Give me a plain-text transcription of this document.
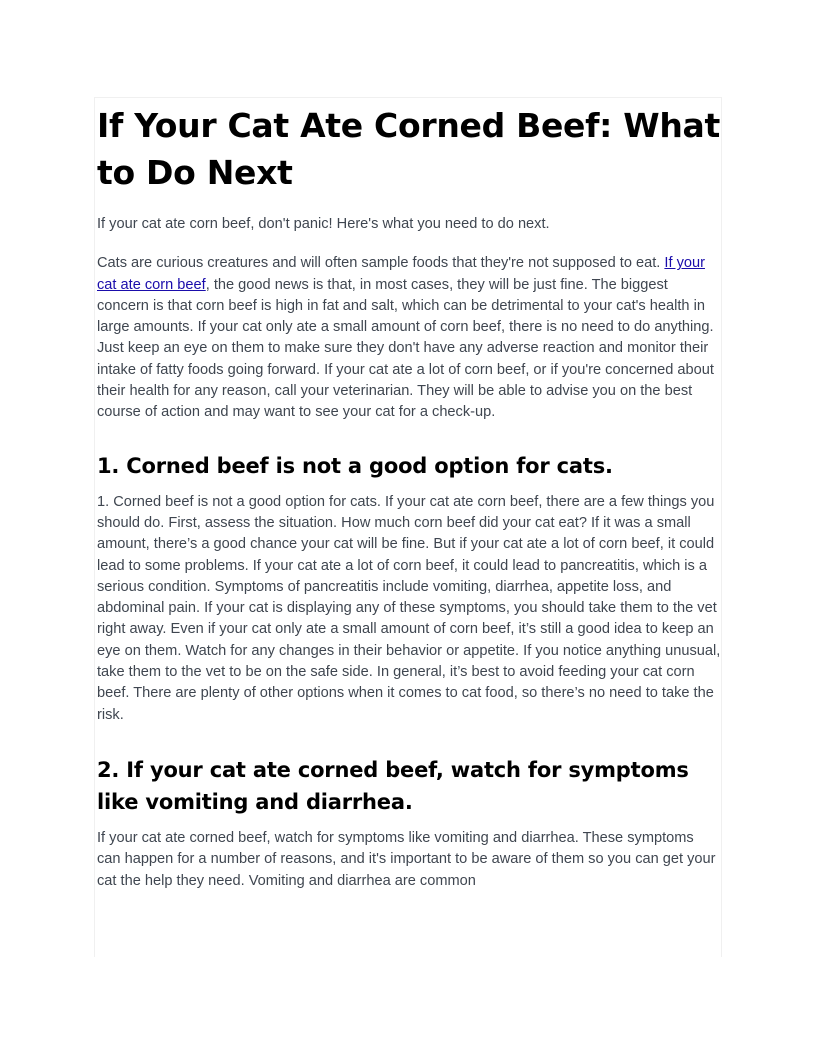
If Your Cat Ate Corned Beef: What to Do Next

If your cat ate corn beef, don't panic! Here's what you need to do next.

Cats are curious creatures and will often sample foods that they're not supposed to eat. If your cat ate corn beef, the good news is that, in most cases, they will be just fine. The biggest concern is that corn beef is high in fat and salt, which can be detrimental to your cat's health in large amounts. If your cat only ate a small amount of corn beef, there is no need to do anything. Just keep an eye on them to make sure they don't have any adverse reaction and monitor their intake of fatty foods going forward. If your cat ate a lot of corn beef, or if you're concerned about their health for any reason, call your veterinarian. They will be able to advise you on the best course of action and may want to see your cat for a check-up.

1. Corned beef is not a good option for cats.

1. Corned beef is not a good option for cats. If your cat ate corn beef, there are a few things you should do. First, assess the situation. How much corn beef did your cat eat? If it was a small amount, there’s a good chance your cat will be fine. But if your cat ate a lot of corn beef, it could lead to some problems. If your cat ate a lot of corn beef, it could lead to pancreatitis, which is a serious condition. Symptoms of pancreatitis include vomiting, diarrhea, appetite loss, and abdominal pain. If your cat is displaying any of these symptoms, you should take them to the vet right away. Even if your cat only ate a small amount of corn beef, it’s still a good idea to keep an eye on them. Watch for any changes in their behavior or appetite. If you notice anything unusual, take them to the vet to be on the safe side. In general, it’s best to avoid feeding your cat corn beef. There are plenty of other options when it comes to cat food, so there’s no need to take the risk.

2. If your cat ate corned beef, watch for symptoms like vomiting and diarrhea.

If your cat ate corned beef, watch for symptoms like vomiting and diarrhea. These symptoms can happen for a number of reasons, and it's important to be aware of them so you can get your cat the help they need. Vomiting and diarrhea are common
